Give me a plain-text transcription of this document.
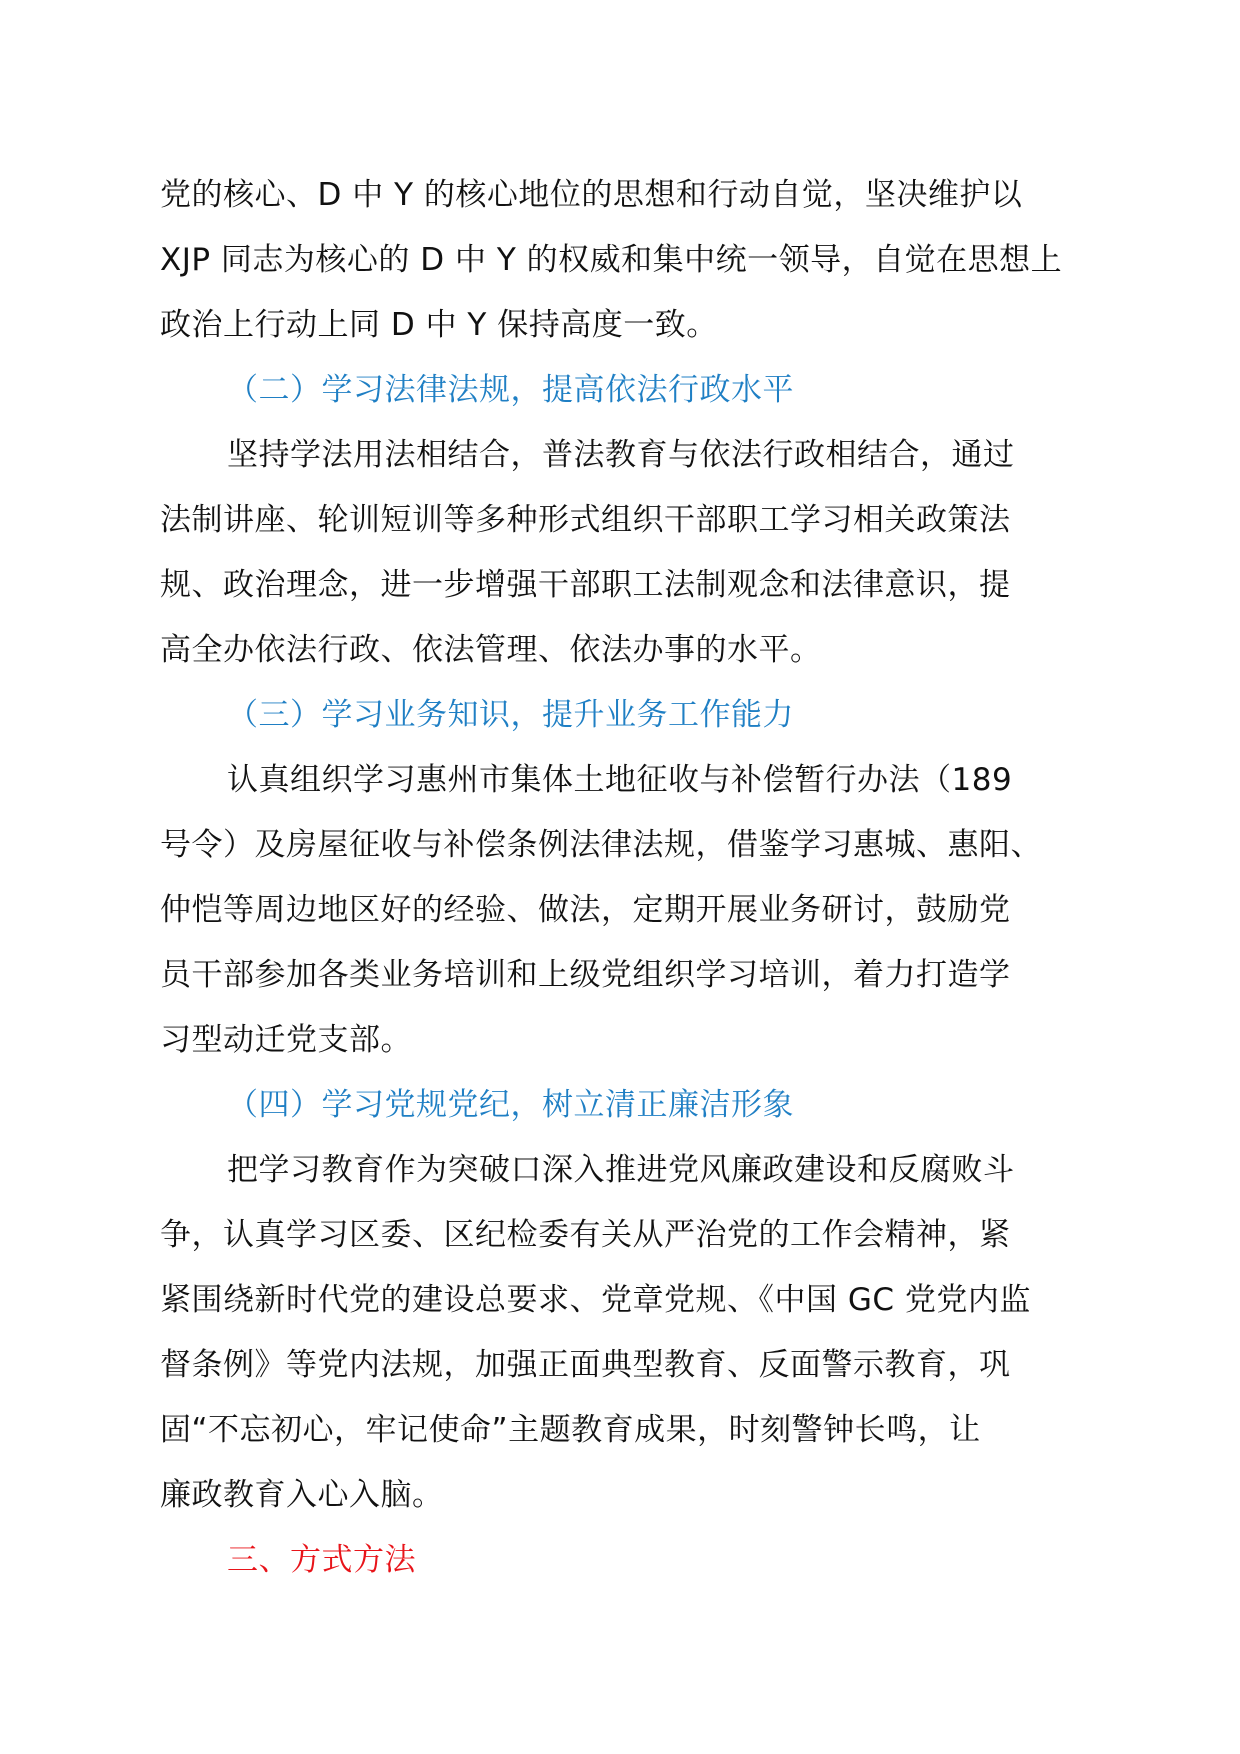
党的核心、D 中 Y 的核心地位的思想和行动自觉，坚决维护以
XJP 同志为核心的 D 中 Y 的权威和集中统一领导，自觉在思想上
政治上行动上同 D 中 Y 保持高度一致。
（二）学习法律法规，提高依法行政水平
坚持学法用法相结合，普法教育与依法行政相结合，通过
法制讲座、轮训短训等多种形式组织干部职工学习相关政策法
规、政治理念，进一步增强干部职工法制观念和法律意识，提
高全办依法行政、依法管理、依法办事的水平。
（三）学习业务知识，提升业务工作能力
认真组织学习惠州市集体土地征收与补偿暂行办法（189
号令）及房屋征收与补偿条例法律法规，借鉴学习惠城、惠阳、
仲恺等周边地区好的经验、做法，定期开展业务研讨，鼓励党
员干部参加各类业务培训和上级党组织学习培训，着力打造学
习型动迁党支部。
（四）学习党规党纪，树立清正廉洁形象
把学习教育作为突破口深入推进党风廉政建设和反腐败斗
争，认真学习区委、区纪检委有关从严治党的工作会精神，紧
紧围绕新时代党的建设总要求、党章党规、《中国 GC 党党内监
督条例》等党内法规，加强正面典型教育、反面警示教育，巩
固“不忘初心，牢记使命”主题教育成果，时刻警钟长鸣，让
廉政教育入心入脑。
三、方式方法
